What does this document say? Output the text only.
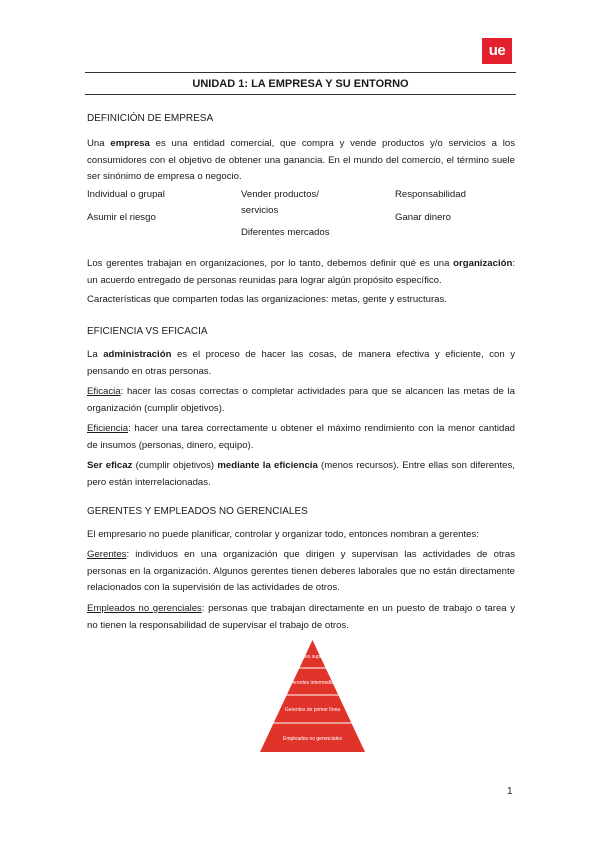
ue
UNIDAD 1: LA EMPRESA Y SU ENTORNO
DEFINICIÓN DE EMPRESA
Una empresa es una entidad comercial, que compra y vende productos y/o servicios a los consumidores con el objetivo de obtener una ganancia. En el mundo del comercio, el término suele ser sinónimo de empresa o negocio.
Individual o grupal
Asumir el riesgo
Vender productos/
servicios
Diferentes mercados
Responsabilidad
Ganar dinero
Los gerentes trabajan en organizaciones, por lo tanto, debemos definir qué es una organización: un acuerdo entregado de personas reunidas para lograr algún propósito específico.
Características que comparten todas las organizaciones: metas, gente y estructuras.
EFICIENCIA VS EFICACIA
La administración es el proceso de hacer las cosas, de manera efectiva y eficiente, con y pensando en otras personas.
Eficacia: hacer las cosas correctas o completar actividades para que se alcancen las metas de la organización (cumplir objetivos).
Eficiencia: hacer una tarea correctamente u obtener el máximo rendimiento con la menor cantidad de insumos (personas, dinero, equipo).
Ser eficaz (cumplir objetivos) mediante la eficiencia (menos recursos). Entre ellas son diferentes, pero están interrelacionadas.
GERENTES Y EMPLEADOS NO GERENCIALES
El empresario no puede planificar, controlar y organizar todo, entonces nombran a gerentes:
Gerentes: individuos en una organización que dirigen y supervisan las actividades de otras personas en la organización. Algunos gerentes tienen deberes laborales que no están directamente relacionados con la supervisión de las actividades de otros.
Empleados no gerenciales: personas que trabajan directamente en un puesto de trabajo o tarea y no tienen la responsabilidad de supervisar el trabajo de otros.
Gerentes superiores
Gerentes intermedios
Gerentes de primer línea
Empleados no gerenciales
1
